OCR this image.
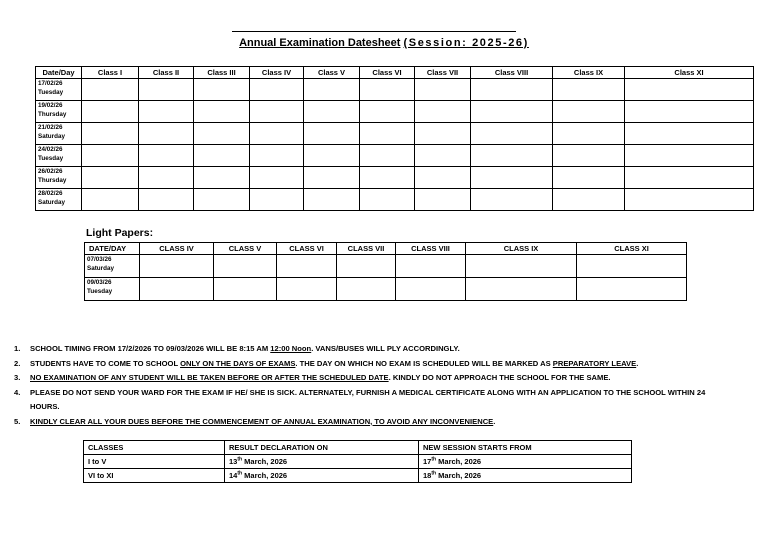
Annual Examination Datesheet (Session: 2025-26)
Date/Day	Class I	Class II	Class III	Class IV	Class V	Class VI	Class VII	Class VIII	Class IX	Class XI

17/02/26
Tuesday										

19/02/26
Thursday										

21/02/26
Saturday										

24/02/26
Tuesday										

26/02/26
Thursday										

28/02/26
Saturday										

Light Papers:
DATE/DAY	CLASS IV	CLASS V	CLASS VI	CLASS VII	CLASS VIII	CLASS IX	CLASS XI

07/03/26
Saturday							

09/03/26
Tuesday							

1. SCHOOL TIMING FROM 17/2/2026 TO 09/03/2026 WILL BE 8:15 AM 12:00 Noon. VANS/BUSES WILL PLY ACCORDINGLY.
2. STUDENTS HAVE TO COME TO SCHOOL ONLY ON THE DAYS OF EXAMS. THE DAY ON WHICH NO EXAM IS SCHEDULED WILL BE MARKED AS PREPARATORY LEAVE.
3. NO EXAMINATION OF ANY STUDENT WILL BE TAKEN BEFORE OR AFTER THE SCHEDULED DATE. KINDLY DO NOT APPROACH THE SCHOOL FOR THE SAME.
4. PLEASE DO NOT SEND YOUR WARD FOR THE EXAM IF HE/ SHE IS SICK. ALTERNATELY, FURNISH A MEDICAL CERTIFICATE ALONG WITH AN APPLICATION TO THE SCHOOL WITHIN 24 HOURS.
5. KINDLY CLEAR ALL YOUR DUES BEFORE THE COMMENCEMENT OF ANNUAL EXAMINATION, TO AVOID ANY INCONVENIENCE.
CLASSES	RESULT DECLARATION ON	NEW SESSION STARTS FROM
I to V	13th March, 2026	17th March, 2026
VI to XI	14th March, 2026	18th March, 2026
